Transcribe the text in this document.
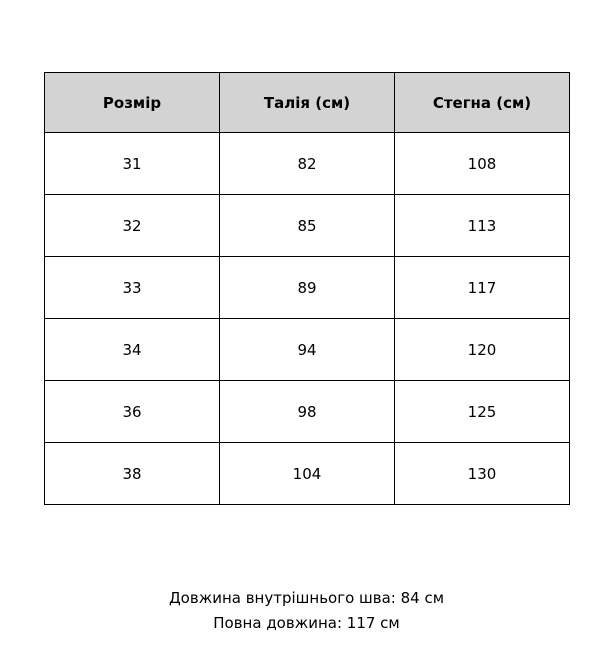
Розмір	Талія (см)	Стегна (см)
31	82	108
32	85	113
33	89	117
34	94	120
36	98	125
38	104	130
Довжина внутрішнього шва: 84 см
Повна довжина: 117 см
